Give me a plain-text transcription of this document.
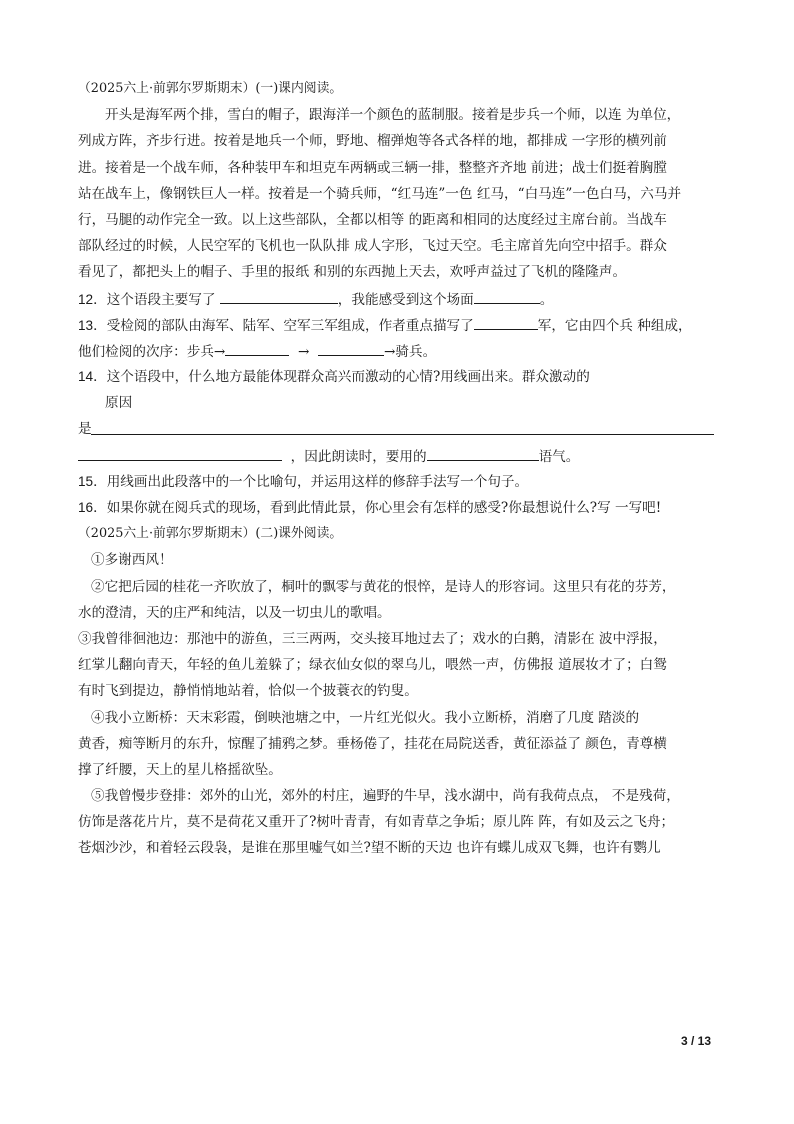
（2025六上·前郭尔罗斯期末）(一)课内阅读。
开头是海军两个排，雪白的帽子，跟海洋一个颜色的蓝制服。接着是步兵一个师，以连 为单位，
列成方阵，齐步行进。按着是地兵一个师，野地、榴弹炮等各式各样的地，都排成 一字形的横列前
进。接着是一个战车师，各种装甲车和坦克车两辆或三辆一排，整整齐齐地 前进；战士们挺着胸膛
站在战车上，像钢铁巨人一样。按着是一个骑兵师，“红马连”一色 红马，“白马连”一色白马，六马并
行，马腿的动作完全一致。以上这些部队，全都以相等 的距离和相同的达度经过主席台前。当战车
部队经过的时候，人民空军的飞机也一队队排 成人字形，飞过天空。毛主席首先向空中招手。群众
看见了，都把头上的帽子、手里的报纸 和别的东西抛上天去，欢呼声益过了飞机的隆隆声。
12．这个语段主要写了	，我能感受到这个场面	。
13．受检阅的部队由海军、陆军、空军三军组成，作者重点描写了	军，它由四个兵 种组成，
他们检阅的次序：步兵→	→	→骑兵。
14．这个语段中，什么地方最能体现群众高兴而激动的心情?用线画出来。群众激动的
原因
是
，因此朗读时，要用的	语气。
15．用线画出此段落中的一个比喻句，并运用这样的修辞手法写一个句子。
16．如果你就在阅兵式的现场，看到此情此景，你心里会有怎样的感受?你最想说什么?写 一写吧!
（2025六上·前郭尔罗斯期末）(二)课外阅读。
①多谢西风！
②它把后园的桂花一齐吹放了，桐叶的飘零与黄花的恨悴，是诗人的形容词。这里只有花的芬芳，
水的澄清，天的庄严和纯洁，以及一切虫儿的歌唱。
③我曾徘徊池边：那池中的游鱼，三三两两，交头接耳地过去了；戏水的白鹅，清影在 波中浮报，
红掌儿翻向青天，年轻的鱼儿羞躲了；绿衣仙女似的翠乌儿，喂然一声，仿佛报 道展妆才了；白鸳
有时飞到提边，静悄悄地站着，恰似一个披蓑衣的钓叟。
④我小立断桥：天末彩霞，倒映池塘之中，一片红光似火。我小立断桥，消磨了几度 踏淡的
黄香，痴等断月的东升，惊醒了捕鸦之梦。垂杨倦了，挂花在局院送香，黄征添益了 颜色，青尊横
撑了纤腰，天上的星儿格摇欲坠。
⑤我曾慢步登排：郊外的山光，郊外的村庄，遍野的牛早，浅水湖中，尚有我荷点点， 不是残荷，
仿饰是落花片片，莫不是荷花又重开了?树叶青青，有如青草之争垢；原儿阵 阵，有如及云之飞舟；
苍烟沙沙，和着轻云段袅，是谁在那里嘘气如兰?望不断的天边 也许有蝶儿成双飞舞，也许有鹦儿
3 / 13
